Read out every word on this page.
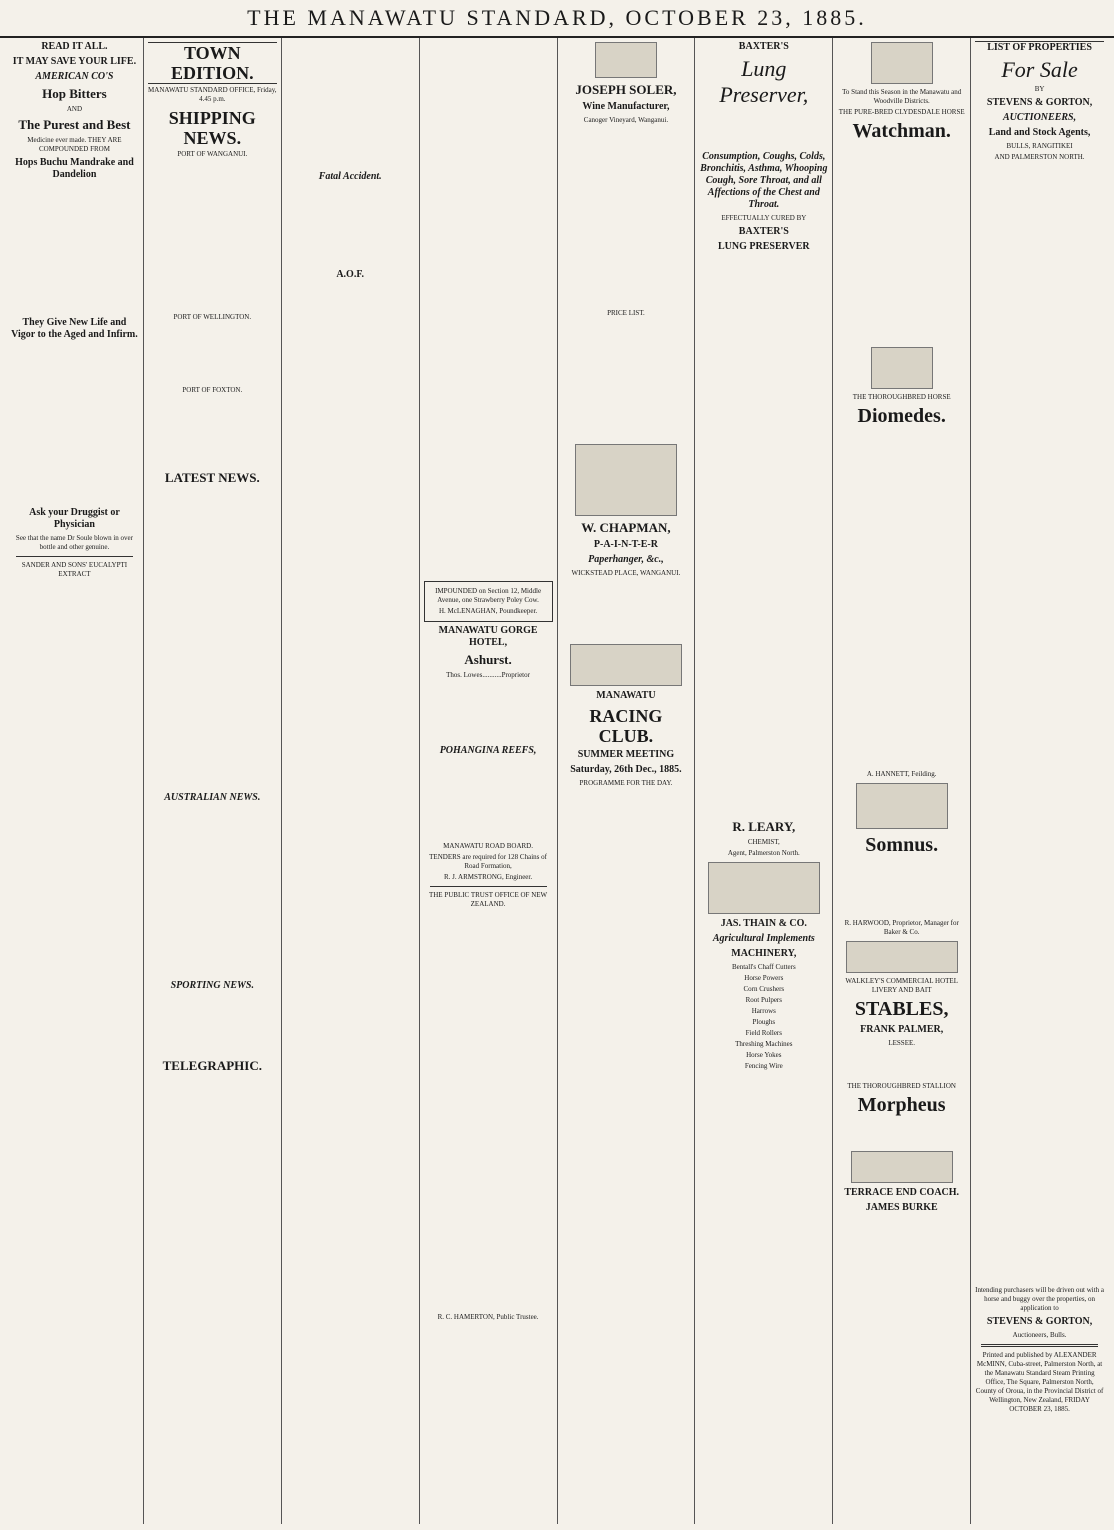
THE MANAWATU STANDARD, OCTOBER 23, 1885.
READ IT ALL.
IT MAY SAVE YOUR LIFE.
AMERICAN CO'S
Hop Bitters
AND
The Purest and Best
Medicine ever made. THEY ARE COMPOUNDED FROM
Hops Buchu Mandrake and Dandelion
They Give New Life and Vigor to the Aged and Infirm.
Ask your Druggist or Physician
See that the name Dr Soule blown in over bottle and other genuine.
SANDER AND SONS' EUCALYPTI EXTRACT
TOWN EDITION.
MANAWATU STANDARD OFFICE, Friday, 4.45 p.m.
SHIPPING NEWS.
PORT OF WANGANUI.
PORT OF WELLINGTON.
PORT OF FOXTON.
LATEST NEWS.
AUSTRALIAN NEWS.
SPORTING NEWS.
TELEGRAPHIC.
Fatal Accident.
A.O.F.
IMPOUNDED on Section 12, Middle Avenue, one Strawberry Poley Cow.
H. McLENAGHAN, Poundkeeper.
MANAWATU GORGE HOTEL,
Ashurst.
Thos. Lowes...........Proprietor
POHANGINA REEFS,
MANAWATU ROAD BOARD.
TENDERS are required for 128 Chains of Road Formation,
R. J. ARMSTRONG, Engineer.
THE PUBLIC TRUST OFFICE OF NEW ZEALAND.
R. C. HAMERTON, Public Trustee.
JOSEPH SOLER,
Wine Manufacturer,
Canoger Vineyard, Wanganui.
PRICE LIST.
W. CHAPMAN,
P-A-I-N-T-E-R
Paperhanger, &c.,
WICKSTEAD PLACE, WANGANUI.
MANAWATU
RACING CLUB.
SUMMER MEETING
Saturday, 26th Dec., 1885.
PROGRAMME FOR THE DAY.
BAXTER'S
Lung Preserver,
Consumption, Coughs, Colds, Bronchitis, Asthma, Whooping Cough, Sore Throat, and all Affections of the Chest and Throat.
EFFECTUALLY CURED BY
BAXTER'S
LUNG PRESERVER
R. LEARY,
CHEMIST,
Agent, Palmerston North.
JAS. THAIN & CO.
Agricultural Implements
MACHINERY,
Bentall's Chaff Cutters
Horse Powers
Corn Crushers
Root Pulpers
Harrows
Ploughs
Field Rollers
Threshing Machines
Horse Yokes
Fencing Wire
To Stand this Season in the Manawatu and Woodville Districts.
THE PURE-BRED CLYDESDALE HORSE
Watchman.
THE THOROUGHBRED HORSE
Diomedes.
A. HANNETT, Feilding.
Somnus.
R. HARWOOD, Proprietor, Manager for Baker & Co.
WALKLEY'S COMMERCIAL HOTEL LIVERY AND BAIT
STABLES,
FRANK PALMER,
LESSEE.
THE THOROUGHBRED STALLION
Morpheus
TERRACE END COACH.
JAMES BURKE
LIST OF PROPERTIES
For Sale
BY
STEVENS & GORTON,
AUCTIONEERS,
Land and Stock Agents,
BULLS, RANGITIKEI
AND PALMERSTON NORTH.
Intending purchasers will be driven out with a horse and buggy over the properties, on application to
STEVENS & GORTON,
Auctioneers, Bulls.
Printed and published by ALEXANDER McMINN, Cuba-street, Palmerston North, at the Manawatu Standard Steam Printing Office, The Square, Palmerston North, County of Oroua, in the Provincial District of Wellington, New Zealand, FRIDAY OCTOBER 23, 1885.
